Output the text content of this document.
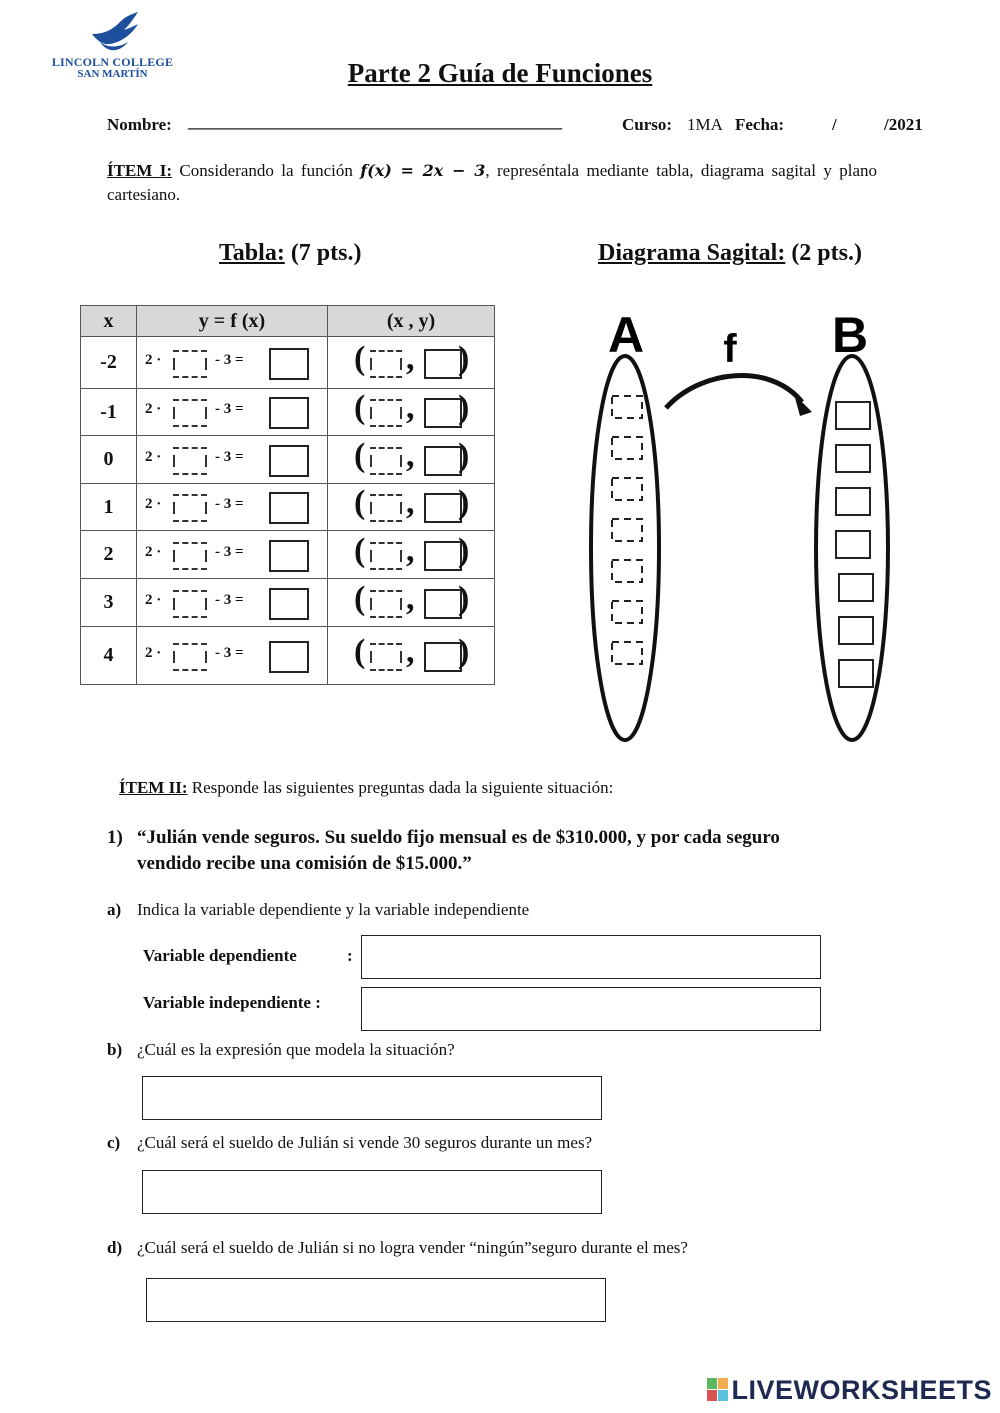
LINCOLN COLLEGE
SAN MARTÍN	Parte 2 Guía de Funciones
Nombre: ____________________________________________	Curso: 1MA Fecha:	/	/2021
ÍTEM I: Considerando la función f(x) = 2x − 3, represéntala mediante tabla, diagrama sagital y plano cartesiano.
Tabla: (7 pts.)	Diagrama Sagital: (2 pts.)
x	y = f (x)	(x , y)
-2	2 · - 3 =	( , )

-1	2 · - 3 =	( , )

0	2 · - 3 =	( , )

1	2 · - 3 =	( , )

2	2 · - 3 =	( , )

3	2 · - 3 =	( , )

4	2 · - 3 =	( , )
A	B
f
ÍTEM II: Responde las siguientes preguntas dada la siguiente situación:
1) “Julián vende seguros. Su sueldo fijo mensual es de $310.000, y por cada seguro vendido recibe una comisión de $15.000.”
a) Indica la variable dependiente y la variable independiente
Variable dependiente	:
Variable independiente :
b) ¿Cuál es la expresión que modela la situación?
c) ¿Cuál será el sueldo de Julián si vende 30 seguros durante un mes?
d) ¿Cuál será el sueldo de Julián si no logra vender “ningún”seguro durante el mes?
LIVEWORKSHEETS
